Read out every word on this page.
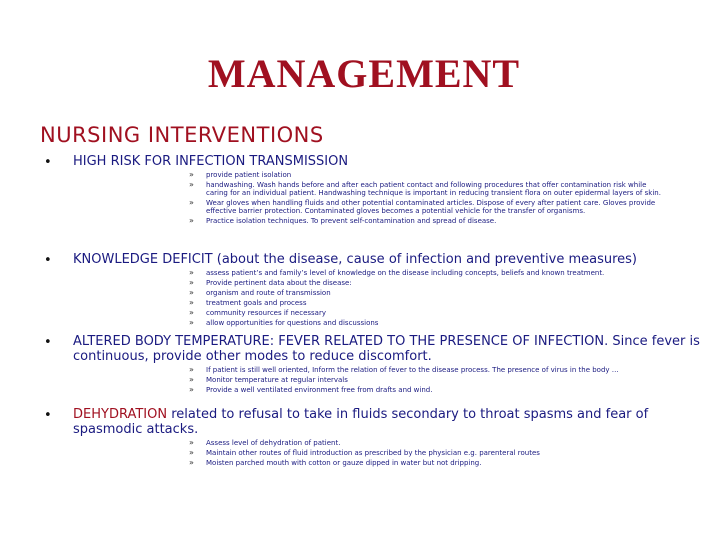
MANAGEMENT
NURSING INTERVENTIONS
• HIGH RISK FOR INFECTION TRANSMISSION
»	provide patient isolation
»	handwashing. Wash hands before and after each patient contact and following procedures that offer contamination risk while caring for an individual patient. Handwashing technique is important in reducing transient flora on outer epidermal layers of skin.
»	Wear gloves when handling fluids and other potential contaminated articles. Dispose of every after patient care. Gloves provide effective barrier protection. Contaminated gloves becomes a potential vehicle for the transfer of organisms.
»	Practice isolation techniques. To prevent self-contamination and spread of disease.
• KNOWLEDGE DEFICIT (about the disease, cause of infection and preventive measures)
»	assess patient’s and family’s level of knowledge on the disease including concepts, beliefs and known treatment.
»	Provide pertinent data about the disease:
»	organism and route of transmission
»	treatment goals and process
»	community resources if necessary
»	allow opportunities for questions and discussions
• ALTERED BODY TEMPERATURE: FEVER RELATED TO THE PRESENCE OF INFECTION. Since fever is continuous, provide other modes to reduce discomfort.
»	If patient is still well oriented, Inform the relation of fever to the disease process. The presence of virus in the body …
»	Monitor temperature at regular intervals
»	Provide a well ventilated environment free from drafts and wind.
• DEHYDRATION related to refusal to take in fluids secondary to throat spasms and fear of spasmodic attacks.
»	Assess level of dehydration of patient.
»	Maintain other routes of fluid introduction as prescribed by the physician e.g. parenteral routes
»	Moisten parched mouth with cotton or gauze dipped in water but not dripping.
